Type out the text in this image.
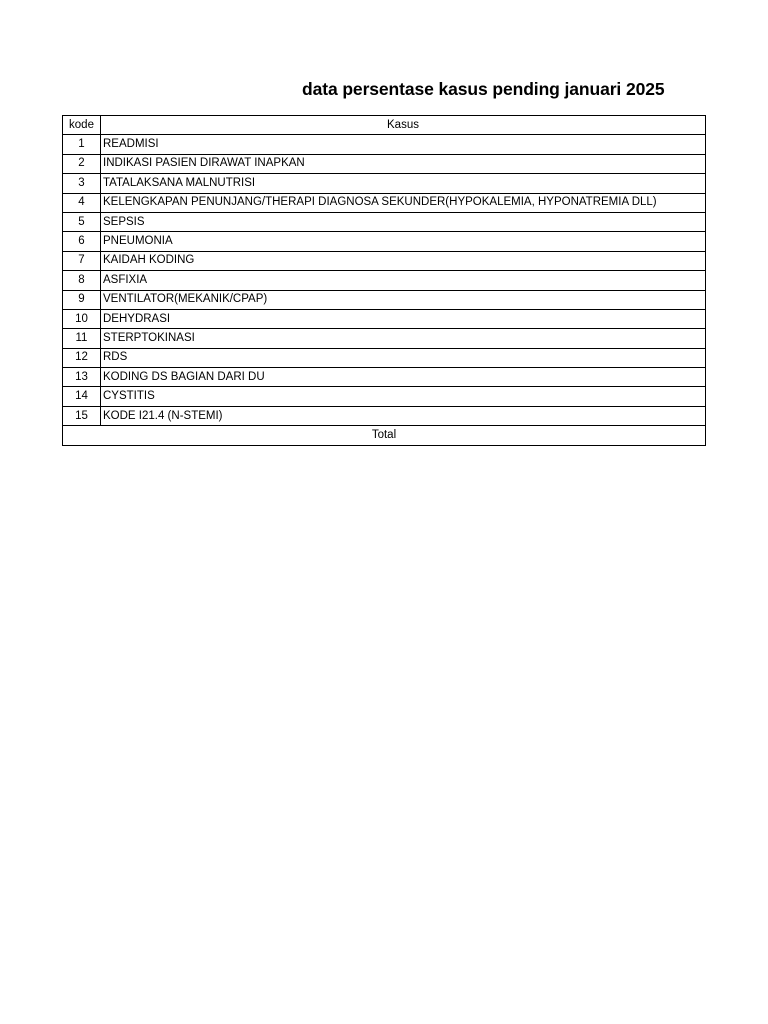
data persentase kasus pending januari 2025
kode	Kasus
1	READMISI
2	INDIKASI PASIEN DIRAWAT INAPKAN
3	TATALAKSANA MALNUTRISI
4	KELENGKAPAN PENUNJANG/THERAPI DIAGNOSA SEKUNDER(HYPOKALEMIA, HYPONATREMIA DLL)
5	SEPSIS
6	PNEUMONIA
7	KAIDAH KODING
8	ASFIXIA
9	VENTILATOR(MEKANIK/CPAP)
10	DEHYDRASI
11	STERPTOKINASI
12	RDS
13	KODING DS BAGIAN DARI DU
14	CYSTITIS
15	KODE I21.4 (N-STEMI)
Total	
